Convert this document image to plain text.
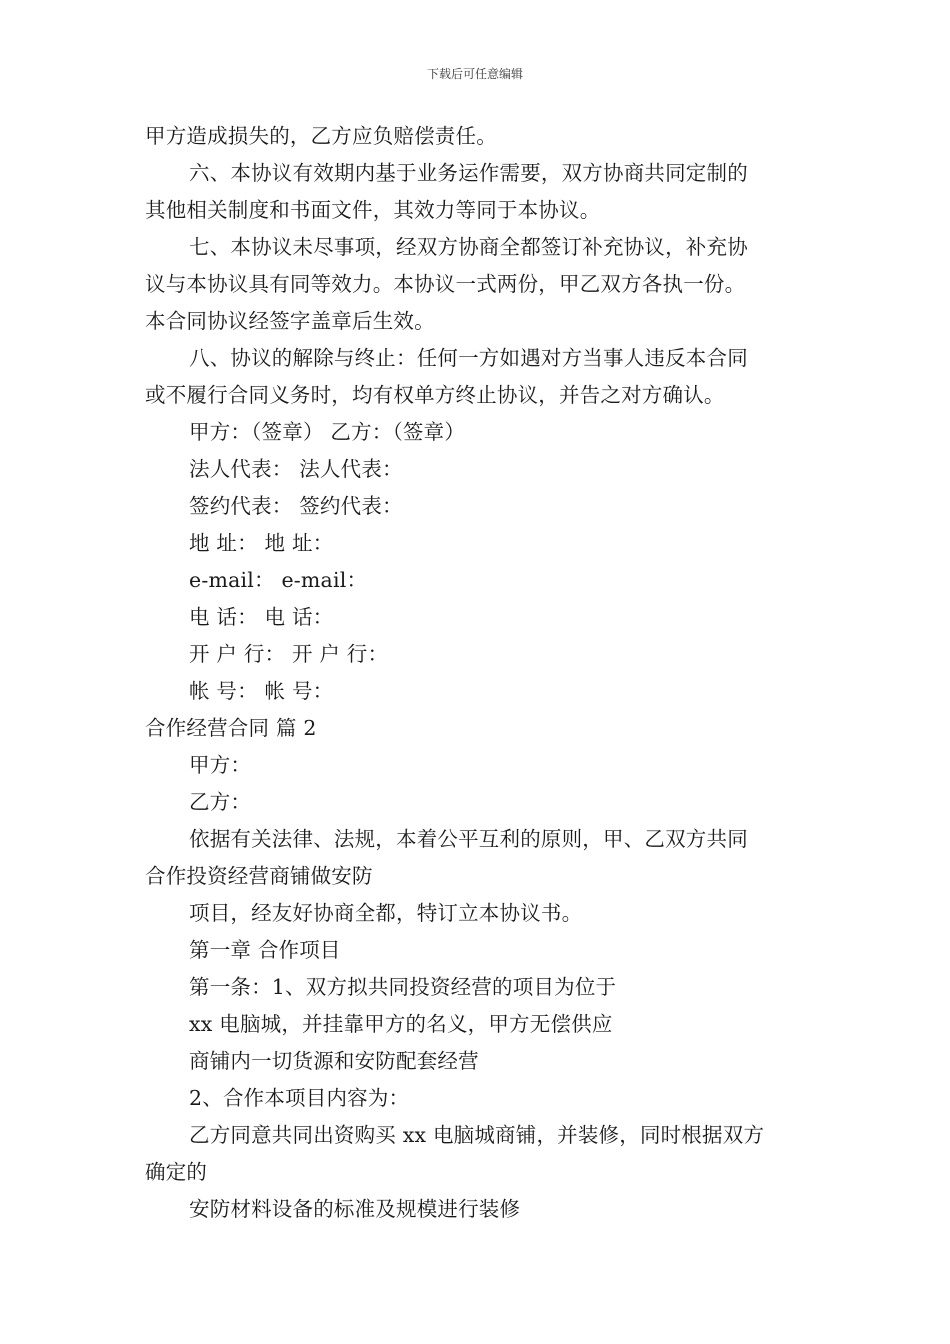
下载后可任意编辑
甲方造成损失的，乙方应负赔偿责任。
六、本协议有效期内基于业务运作需要，双方协商共同定制的
其他相关制度和书面文件，其效力等同于本协议。
七、本协议未尽事项，经双方协商全都签订补充协议，补充协
议与本协议具有同等效力。本协议一式两份，甲乙双方各执一份。
本合同协议经签字盖章后生效。
八、协议的解除与终止：任何一方如遇对方当事人违反本合同
或不履行合同义务时，均有权单方终止协议，并告之对方确认。
甲方：（签章） 乙方：（签章）
法人代表： 法人代表：
签约代表： 签约代表：
地 址： 地 址：
e-mail： e-mail：
电 话： 电 话：
开 户 行： 开 户 行：
帐 号： 帐 号：
合作经营合同 篇 2
甲方：
乙方：
依据有关法律、法规，本着公平互利的原则，甲、乙双方共同
合作投资经营商铺做安防
项目，经友好协商全都，特订立本协议书。
第一章 合作项目
第一条：1、双方拟共同投资经营的项目为位于
xx 电脑城，并挂靠甲方的名义，甲方无偿供应
商铺内一切货源和安防配套经营
2、合作本项目内容为：
乙方同意共同出资购买 xx 电脑城商铺，并装修，同时根据双方
确定的
安防材料设备的标准及规模进行装修
